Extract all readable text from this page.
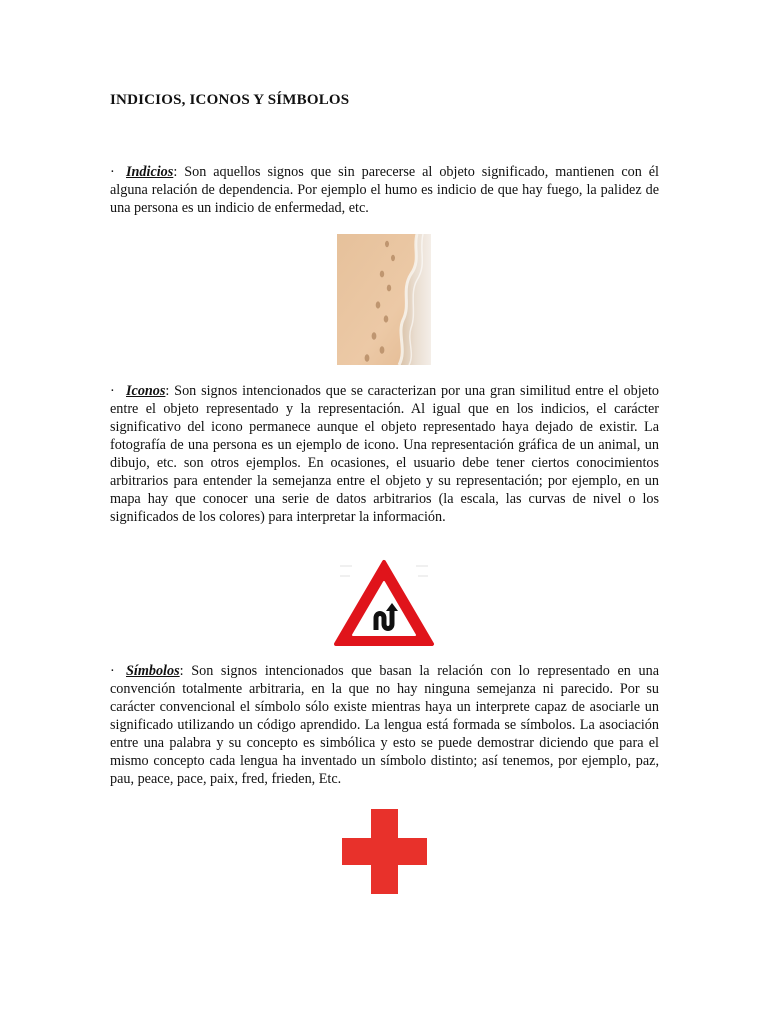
INDICIOS, ICONOS Y SÍMBOLOS
· Indicios: Son aquellos signos que sin parecerse al objeto significado, mantienen con él alguna relación de dependencia. Por ejemplo el humo es indicio de que hay fuego, la palidez de una persona es un indicio de enfermedad, etc.
· Iconos: Son signos intencionados que se caracterizan por una gran similitud entre el objeto entre el objeto representado y la representación. Al igual que en los indicios, el carácter significativo del icono permanece aunque el objeto representado haya dejado de existir. La fotografía de una persona es un ejemplo de icono. Una representación gráfica de un animal, un dibujo, etc. son otros ejemplos. En ocasiones, el usuario debe tener ciertos conocimientos arbitrarios para entender la semejanza entre el objeto y su representación; por ejemplo, en un mapa hay que conocer una serie de datos arbitrarios (la escala, las curvas de nivel o los significados de los colores) para interpretar la información.
· Símbolos: Son signos intencionados que basan la relación con lo representado en una convención totalmente arbitraria, en la que no hay ninguna semejanza ni parecido. Por su carácter convencional el símbolo sólo existe mientras haya un interprete capaz de asociarle un significado utilizando un código aprendido. La lengua está formada se símbolos. La asociación entre una palabra y su concepto es simbólica y esto se puede demostrar diciendo que para el mismo concepto cada lengua ha inventado un símbolo distinto; así tenemos, por ejemplo, paz, pau, peace, pace, paix, fred, frieden, Etc.
